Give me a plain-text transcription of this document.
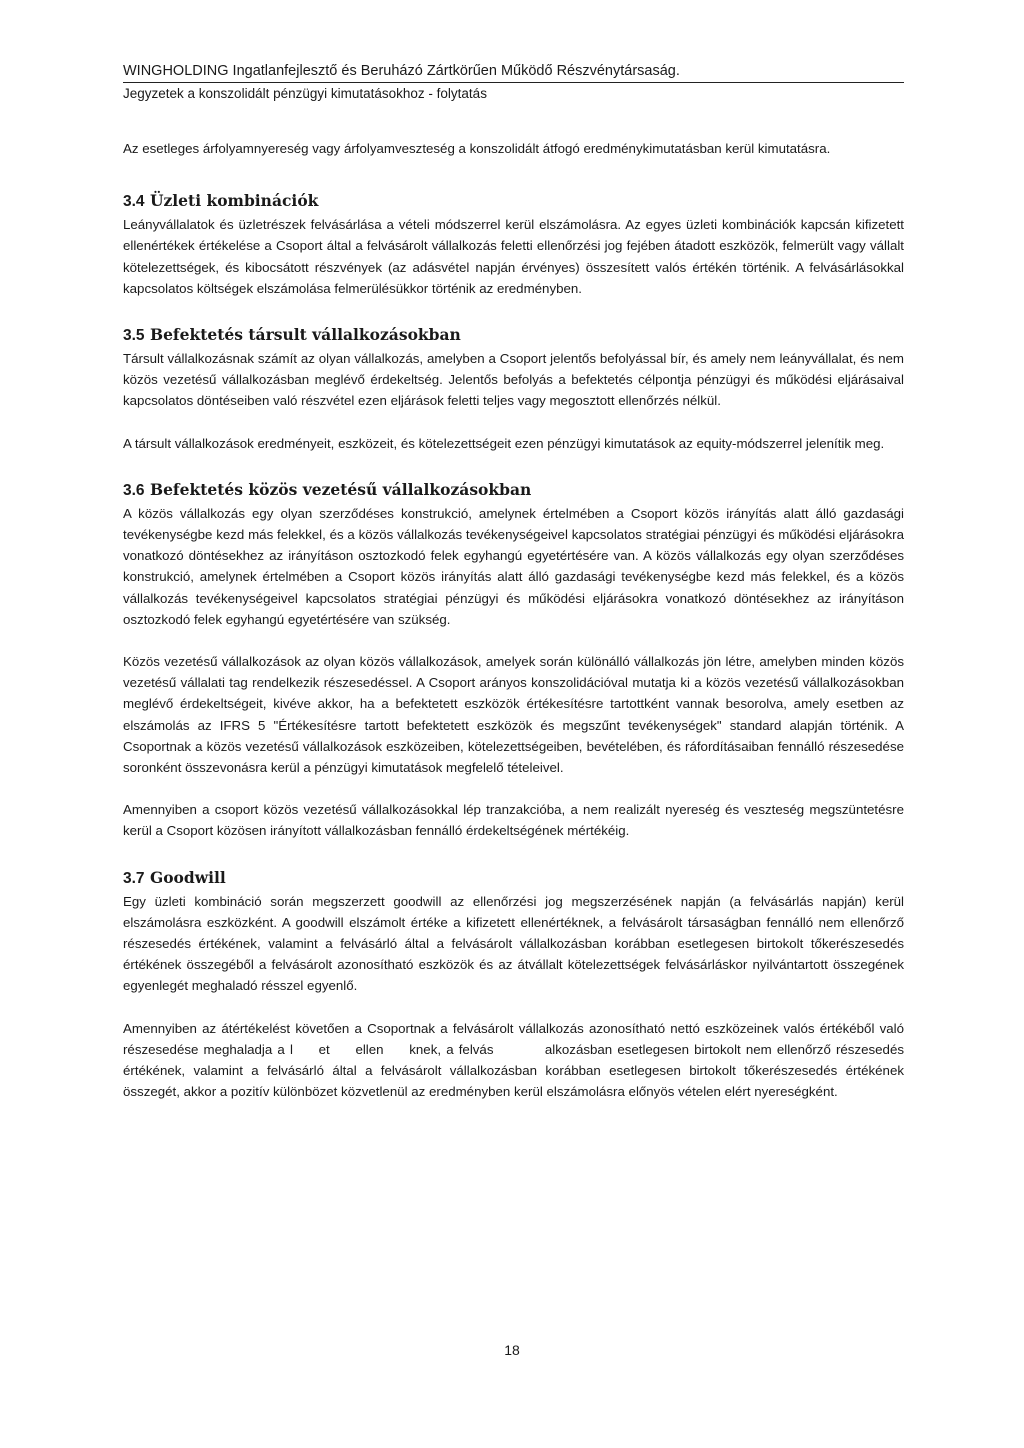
WINGHOLDING Ingatlanfejlesztő és Beruházó Zártkörűen Működő Részvénytársaság.
Jegyzetek a konszolidált pénzügyi kimutatásokhoz - folytatás

Az esetleges árfolyamnyereség vagy árfolyamveszteség a konszolidált átfogó eredménykimutatásban kerül kimutatásra.

3.4 Üzleti kombinációk

Leányvállalatok és üzletrészek felvásárlása a vételi módszerrel kerül elszámolásra. Az egyes üzleti kombinációk kapcsán kifizetett ellenértékek értékelése a Csoport által a felvásárolt vállalkozás feletti ellenőrzési jog fejében átadott eszközök, felmerült vagy vállalt kötelezettségek, és kibocsátott részvények (az adásvétel napján érvényes) összesített valós értékén történik. A felvásárlásokkal kapcsolatos költségek elszámolása felmerülésükkor történik az eredményben.

3.5 Befektetés társult vállalkozásokban

Társult vállalkozásnak számít az olyan vállalkozás, amelyben a Csoport jelentős befolyással bír, és amely nem leányvállalat, és nem közös vezetésű vállalkozásban meglévő érdekeltség. Jelentős befolyás a befektetés célpontja pénzügyi és működési eljárásaival kapcsolatos döntéseiben való részvétel ezen eljárások feletti teljes vagy megosztott ellenőrzés nélkül.

A társult vállalkozások eredményeit, eszközeit, és kötelezettségeit ezen pénzügyi kimutatások az equity-módszerrel jelenítik meg.

3.6 Befektetés közös vezetésű vállalkozásokban

A közös vállalkozás egy olyan szerződéses konstrukció, amelynek értelmében a Csoport közös irányítás alatt álló gazdasági tevékenységbe kezd más felekkel, és a közös vállalkozás tevékenységeivel kapcsolatos stratégiai pénzügyi és működési eljárásokra vonatkozó döntésekhez az irányításon osztozkodó felek egyhangú egyetértésére van. A közös vállalkozás egy olyan szerződéses konstrukció, amelynek értelmében a Csoport közös irányítás alatt álló gazdasági tevékenységbe kezd más felekkel, és a közös vállalkozás tevékenységeivel kapcsolatos stratégiai pénzügyi és működési eljárásokra vonatkozó döntésekhez az irányításon osztozkodó felek egyhangú egyetértésére van szükség.

Közös vezetésű vállalkozások az olyan közös vállalkozások, amelyek során különálló vállalkozás jön létre, amelyben minden közös vezetésű vállalati tag rendelkezik részesedéssel. A Csoport arányos konszolidációval mutatja ki a közös vezetésű vállalkozásokban meglévő érdekeltségeit, kivéve akkor, ha a befektetett eszközök értékesítésre tartottként vannak besorolva, amely esetben az elszámolás az IFRS 5 "Értékesítésre tartott befektetett eszközök és megszűnt tevékenységek" standard alapján történik. A Csoportnak a közös vezetésű vállalkozások eszközeiben, kötelezettségeiben, bevételében, és ráfordításaiban fennálló részesedése soronként összevonásra kerül a pénzügyi kimutatások megfelelő tételeivel.

Amennyiben a csoport közös vezetésű vállalkozásokkal lép tranzakcióba, a nem realizált nyereség és veszteség megszüntetésre kerül a Csoport közösen irányított vállalkozásban fennálló érdekeltségének mértékéig.

3.7 Goodwill

Egy üzleti kombináció során megszerzett goodwill az ellenőrzési jog megszerzésének napján (a felvásárlás napján) kerül elszámolásra eszközként. A goodwill elszámolt értéke a kifizetett ellenértéknek, a felvásárolt társaságban fennálló nem ellenőrző részesedés értékének, valamint a felvásárló által a felvásárolt vállalkozásban korábban esetlegesen birtokolt tőkerészesedés értékének összegéből a felvásárolt azonosítható eszközök és az átvállalt kötelezettségek felvásárláskor nyilvántartott összegének egyenlegét meghaladó résszel egyenlő.

Amennyiben az átértékelést követően a Csoportnak a felvásárolt vállalkozás azonosítható nettó eszközeinek valós értékéből való részesedése meghaladja a l     et     ellen     knek, a felvás          alkozásban esetlegesen birtokolt nem ellenőrző részesedés értékének, valamint a felvásárló által a felvásárolt vállalkozásban korábban esetlegesen birtokolt tőkerészesedés értékének összegét, akkor a pozitív különbözet közvetlenül az eredményben kerül elszámolásra előnyös vételen elért nyereségként.

18
